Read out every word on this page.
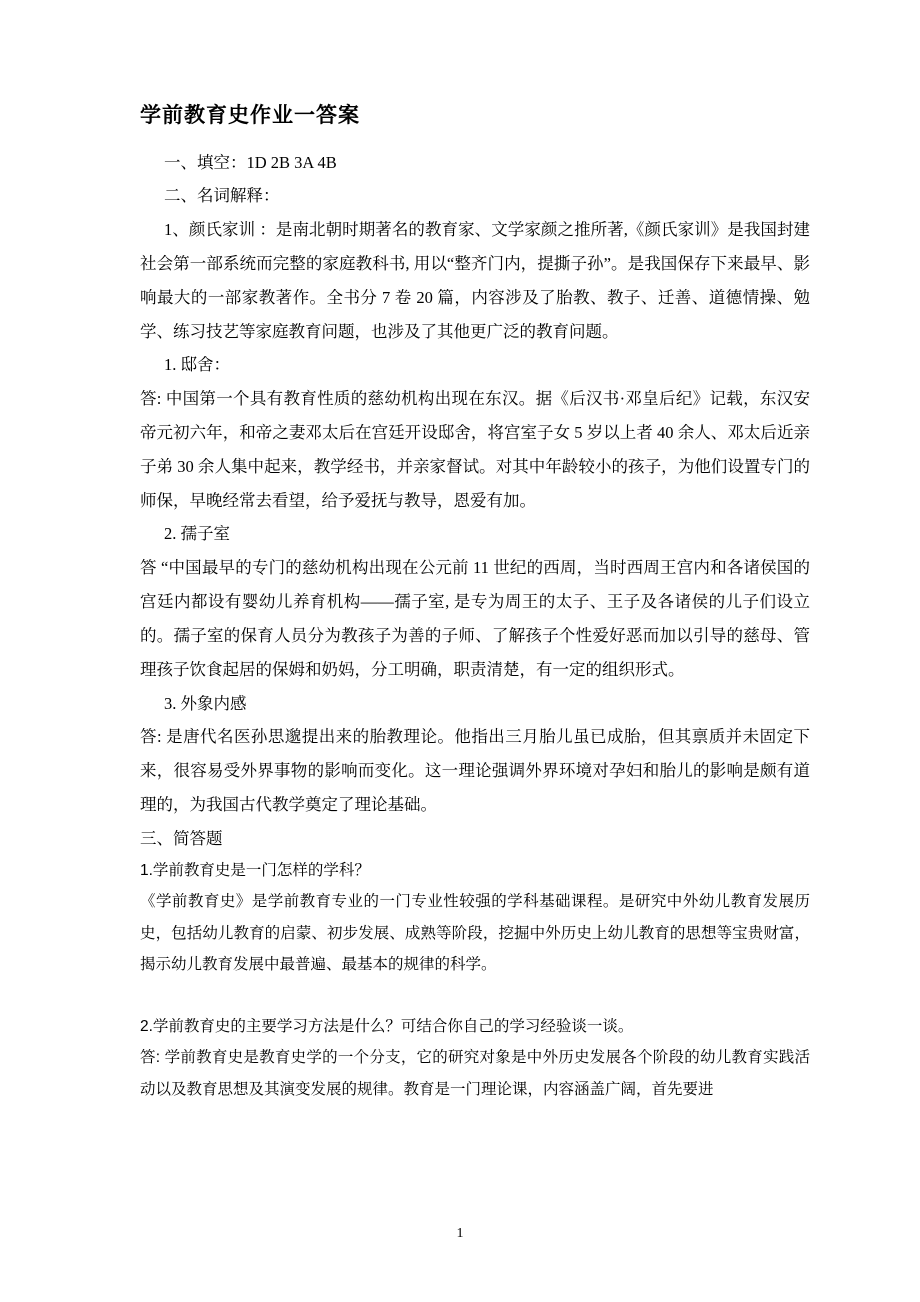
学前教育史作业一答案

一、填空：1D 2B 3A 4B

二、名词解释：

1、颜氏家训 ：是南北朝时期著名的教育家、文学家颜之推所著,《颜氏家训》是我国封建社会第一部系统而完整的家庭教科书, 用以“整齐门内，提撕子孙”。是我国保存下来最早、影响最大的一部家教著作。全书分 7 卷 20 篇，内容涉及了胎教、教子、迁善、道德情操、勉学、练习技艺等家庭教育问题，也涉及了其他更广泛的教育问题。

1. 邸舍：

答: 中国第一个具有教育性质的慈幼机构出现在东汉。据《后汉书·邓皇后纪》记载，东汉安帝元初六年，和帝之妻邓太后在宫廷开设邸舍，将宫室子女 5 岁以上者 40 余人、邓太后近亲子弟 30 余人集中起来，教学经书，并亲家督试。对其中年龄较小的孩子，为他们设置专门的师保，早晚经常去看望，给予爱抚与教导，恩爱有加。

2. 孺子室

答 “中国最早的专门的慈幼机构出现在公元前 11 世纪的西周，当时西周王宫内和各诸侯国的宫廷内都设有婴幼儿养育机构——孺子室, 是专为周王的太子、王子及各诸侯的儿子们设立的。孺子室的保育人员分为教孩子为善的子师、了解孩子个性爱好恶而加以引导的慈母、管理孩子饮食起居的保姆和奶妈，分工明确，职责清楚，有一定的组织形式。

3. 外象内感

答: 是唐代名医孙思邈提出来的胎教理论。他指出三月胎儿虽已成胎，但其禀质并未固定下来，很容易受外界事物的影响而变化。这一理论强调外界环境对孕妇和胎儿的影响是颇有道理的，为我国古代教学奠定了理论基础。

三、简答题

1.学前教育史是一门怎样的学科？

《学前教育史》是学前教育专业的一门专业性较强的学科基础课程。是研究中外幼儿教育发展历史，包括幼儿教育的启蒙、初步发展、成熟等阶段，挖掘中外历史上幼儿教育的思想等宝贵财富，揭示幼儿教育发展中最普遍、最基本的规律的科学。

2.学前教育史的主要学习方法是什么？可结合你自己的学习经验谈一谈。

答: 学前教育史是教育史学的一个分支，它的研究对象是中外历史发展各个阶段的幼儿教育实践活动以及教育思想及其演变发展的规律。教育是一门理论课，内容涵盖广阔，首先要进

1
